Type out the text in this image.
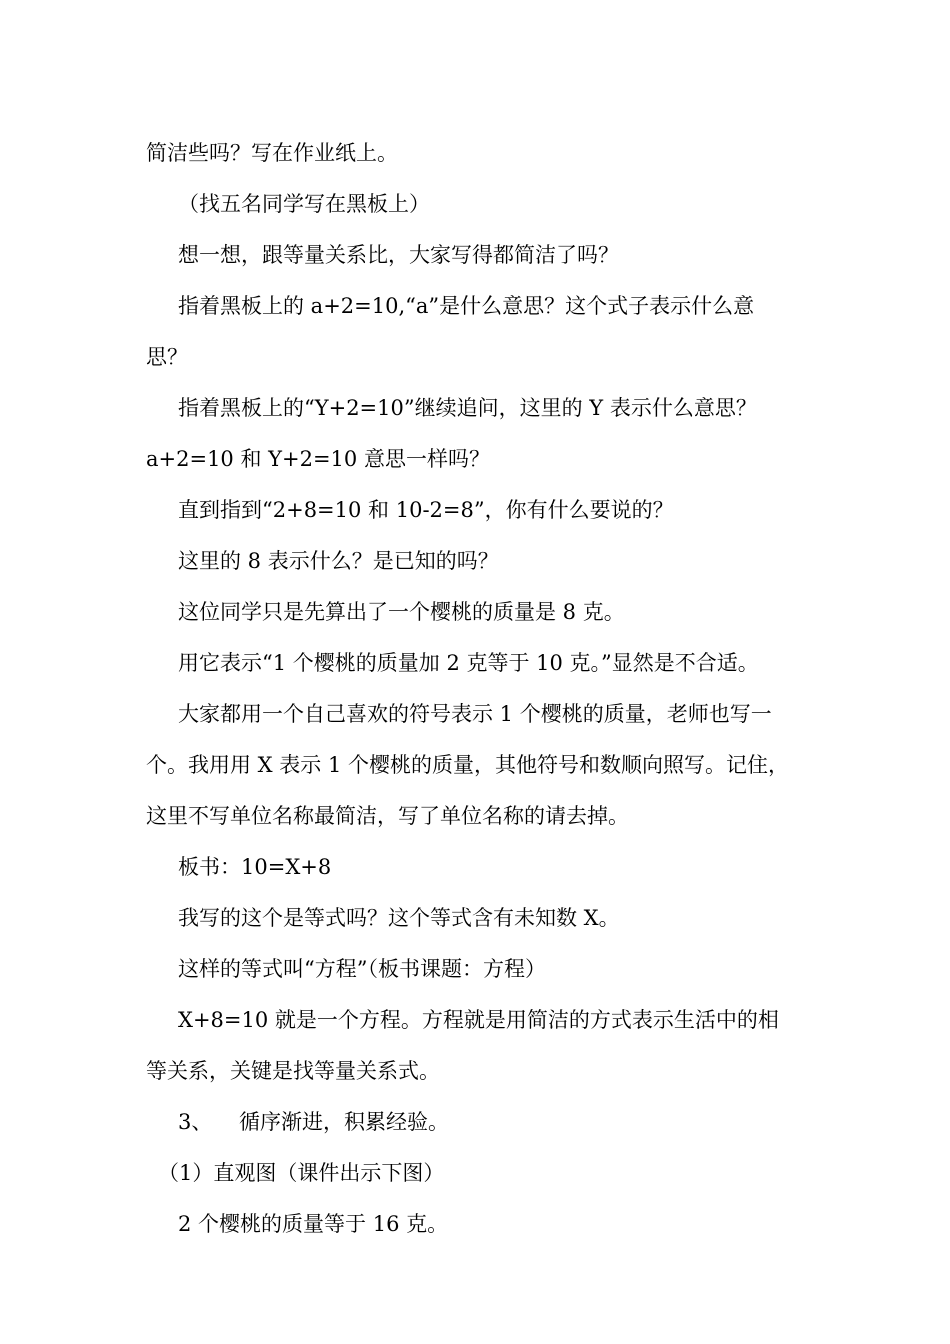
简洁些吗？写在作业纸上。

（找五名同学写在黑板上）

想一想，跟等量关系比，大家写得都简洁了吗？

指着黑板上的 a+2=10,“a”是什么意思？这个式子表示什么意
思？

指着黑板上的“Y+2=10”继续追问，这里的 Y 表示什么意思？
a+2=10 和 Y+2=10 意思一样吗？

直到指到“2+8=10 和 10-2=8”，你有什么要说的？

这里的 8 表示什么？是已知的吗？

这位同学只是先算出了一个樱桃的质量是 8 克。

用它表示“1 个樱桃的质量加 2 克等于 10 克。”显然是不合适。

大家都用一个自己喜欢的符号表示 1 个樱桃的质量，老师也写一
个。我用用 X 表示 1 个樱桃的质量，其他符号和数顺向照写。记住，
这里不写单位名称最简洁，写了单位名称的请去掉。

板书：10=X+8

我写的这个是等式吗？这个等式含有未知数 X。

这样的等式叫“方程”（板书课题：方程）

X+8=10 就是一个方程。方程就是用简洁的方式表示生活中的相
等关系，关键是找等量关系式。

3、    循序渐进，积累经验。

（1）直观图（课件出示下图）

2 个樱桃的质量等于 16 克。
